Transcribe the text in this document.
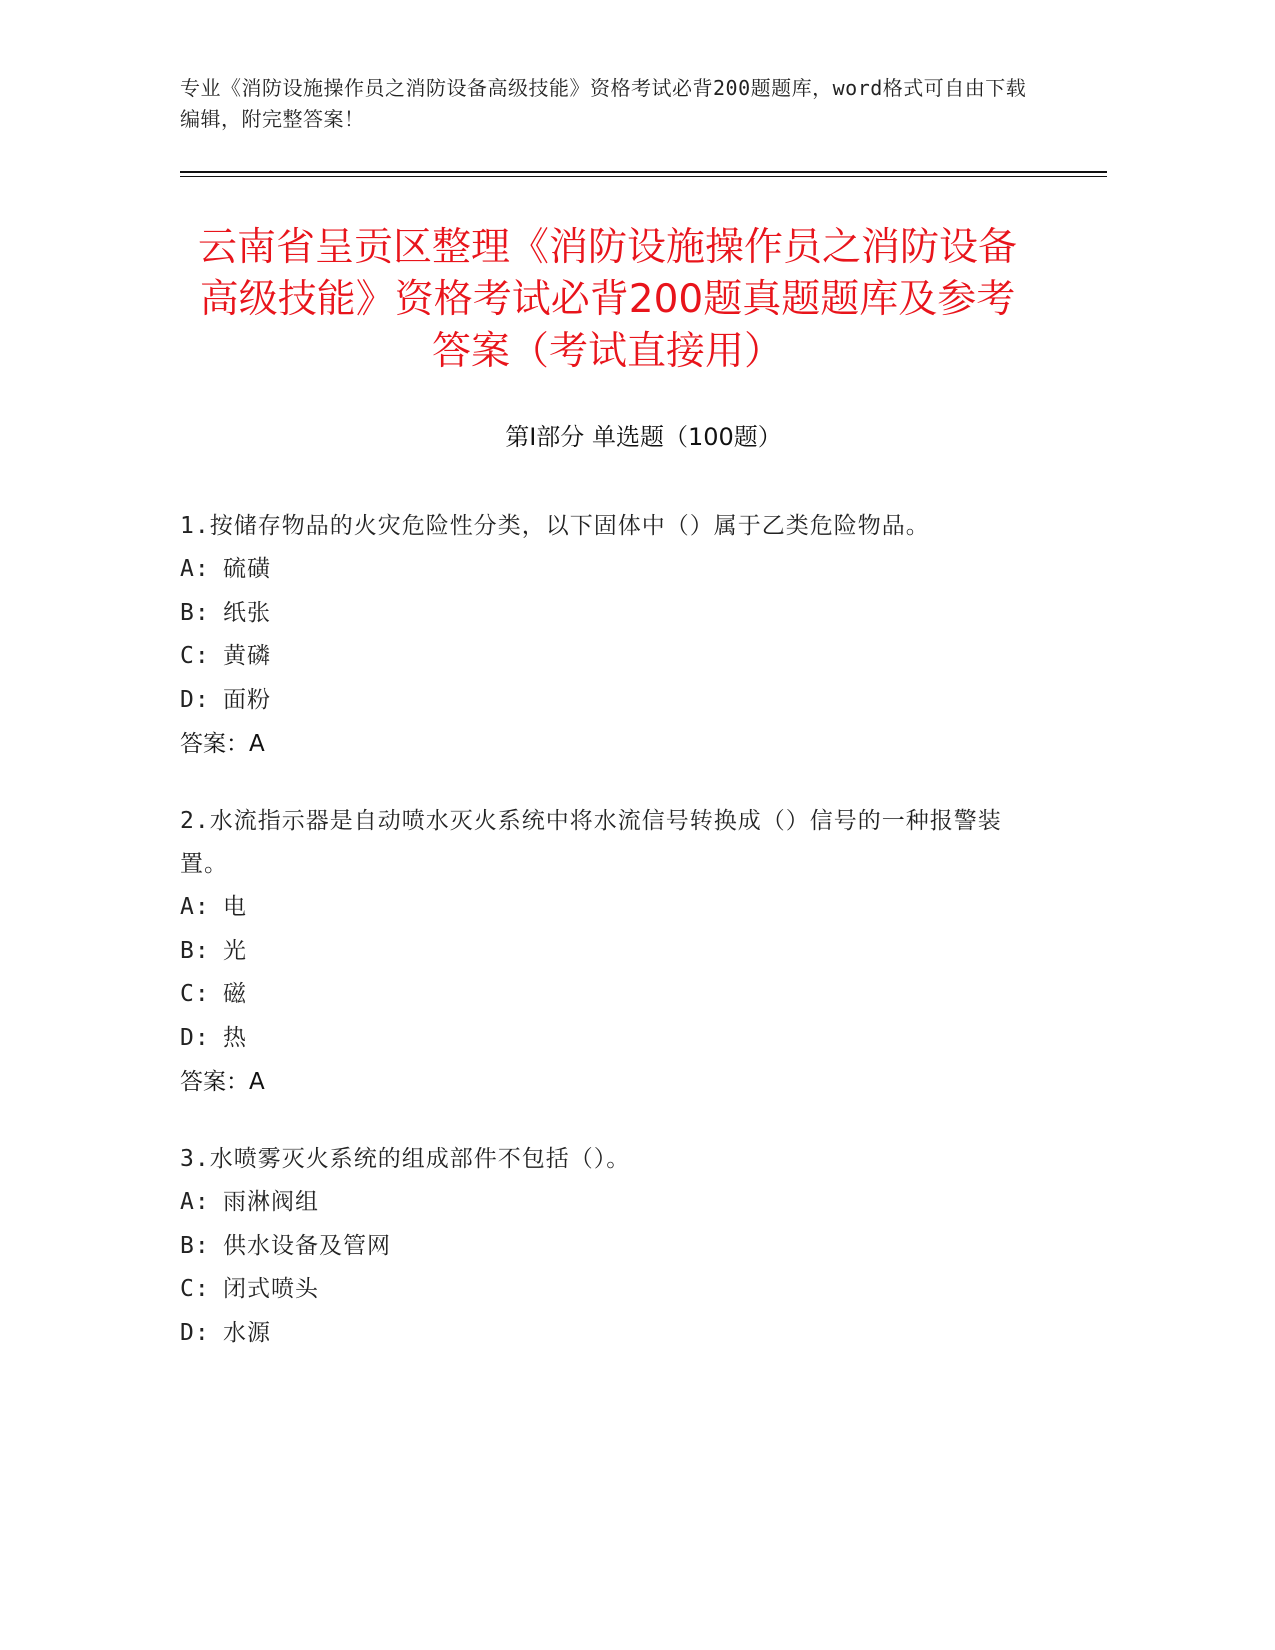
专业《消防设施操作员之消防设备高级技能》资格考试必背200题题库，word格式可自由下载编辑，附完整答案！
云南省呈贡区整理《消防设施操作员之消防设备高级技能》资格考试必背200题真题题库及参考答案（考试直接用）
第Ⅰ部分 单选题（100题）

1.按储存物品的火灾危险性分类，以下固体中（）属于乙类危险物品。

A: 硫磺
B: 纸张
C: 黄磷
D: 面粉
答案：A

2.水流指示器是自动喷水灭火系统中将水流信号转换成（）信号的一种报警装置。

A: 电
B: 光
C: 磁
D: 热
答案：A

3.水喷雾灭火系统的组成部件不包括（）。

A: 雨淋阀组
B: 供水设备及管网
C: 闭式喷头
D: 水源
